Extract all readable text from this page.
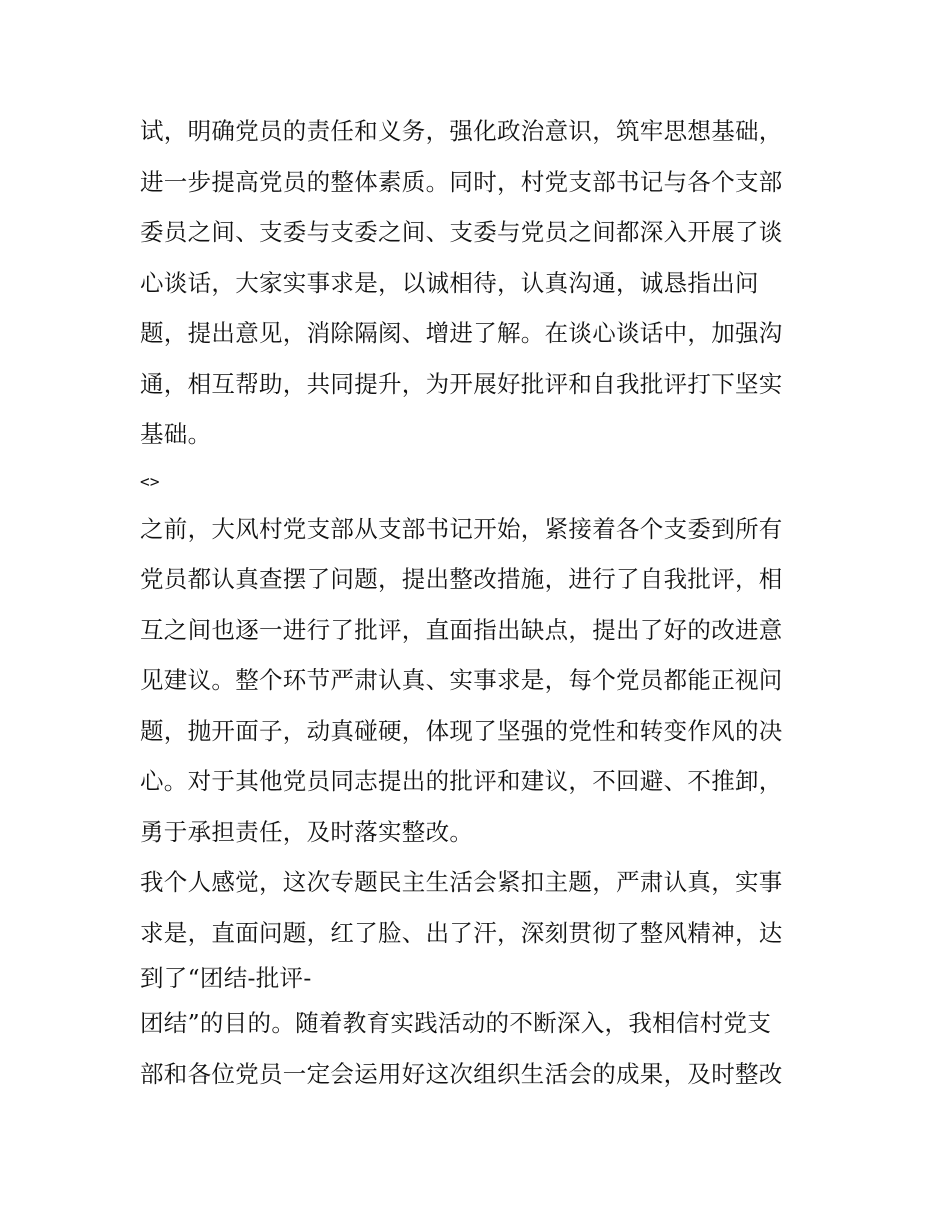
试，明确党员的责任和义务，强化政治意识，筑牢思想基础，
进一步提高党员的整体素质。同时，村党支部书记与各个支部
委员之间、支委与支委之间、支委与党员之间都深入开展了谈
心谈话，大家实事求是，以诚相待，认真沟通，诚恳指出问
题，提出意见，消除隔阂、增进了解。在谈心谈话中，加强沟
通，相互帮助，共同提升，为开展好批评和自我批评打下坚实
基础。
<>
之前，大风村党支部从支部书记开始，紧接着各个支委到所有
党员都认真查摆了问题，提出整改措施，进行了自我批评，相
互之间也逐一进行了批评，直面指出缺点，提出了好的改进意
见建议。整个环节严肃认真、实事求是，每个党员都能正视问
题，抛开面子，动真碰硬，体现了坚强的党性和转变作风的决
心。对于其他党员同志提出的批评和建议，不回避、不推卸，
勇于承担责任，及时落实整改。
我个人感觉，这次专题民主生活会紧扣主题，严肃认真，实事
求是，直面问题，红了脸、出了汗，深刻贯彻了整风精神，达
到了“团结-批评-
团结”的目的。随着教育实践活动的不断深入，我相信村党支
部和各位党员一定会运用好这次组织生活会的成果，及时整改
